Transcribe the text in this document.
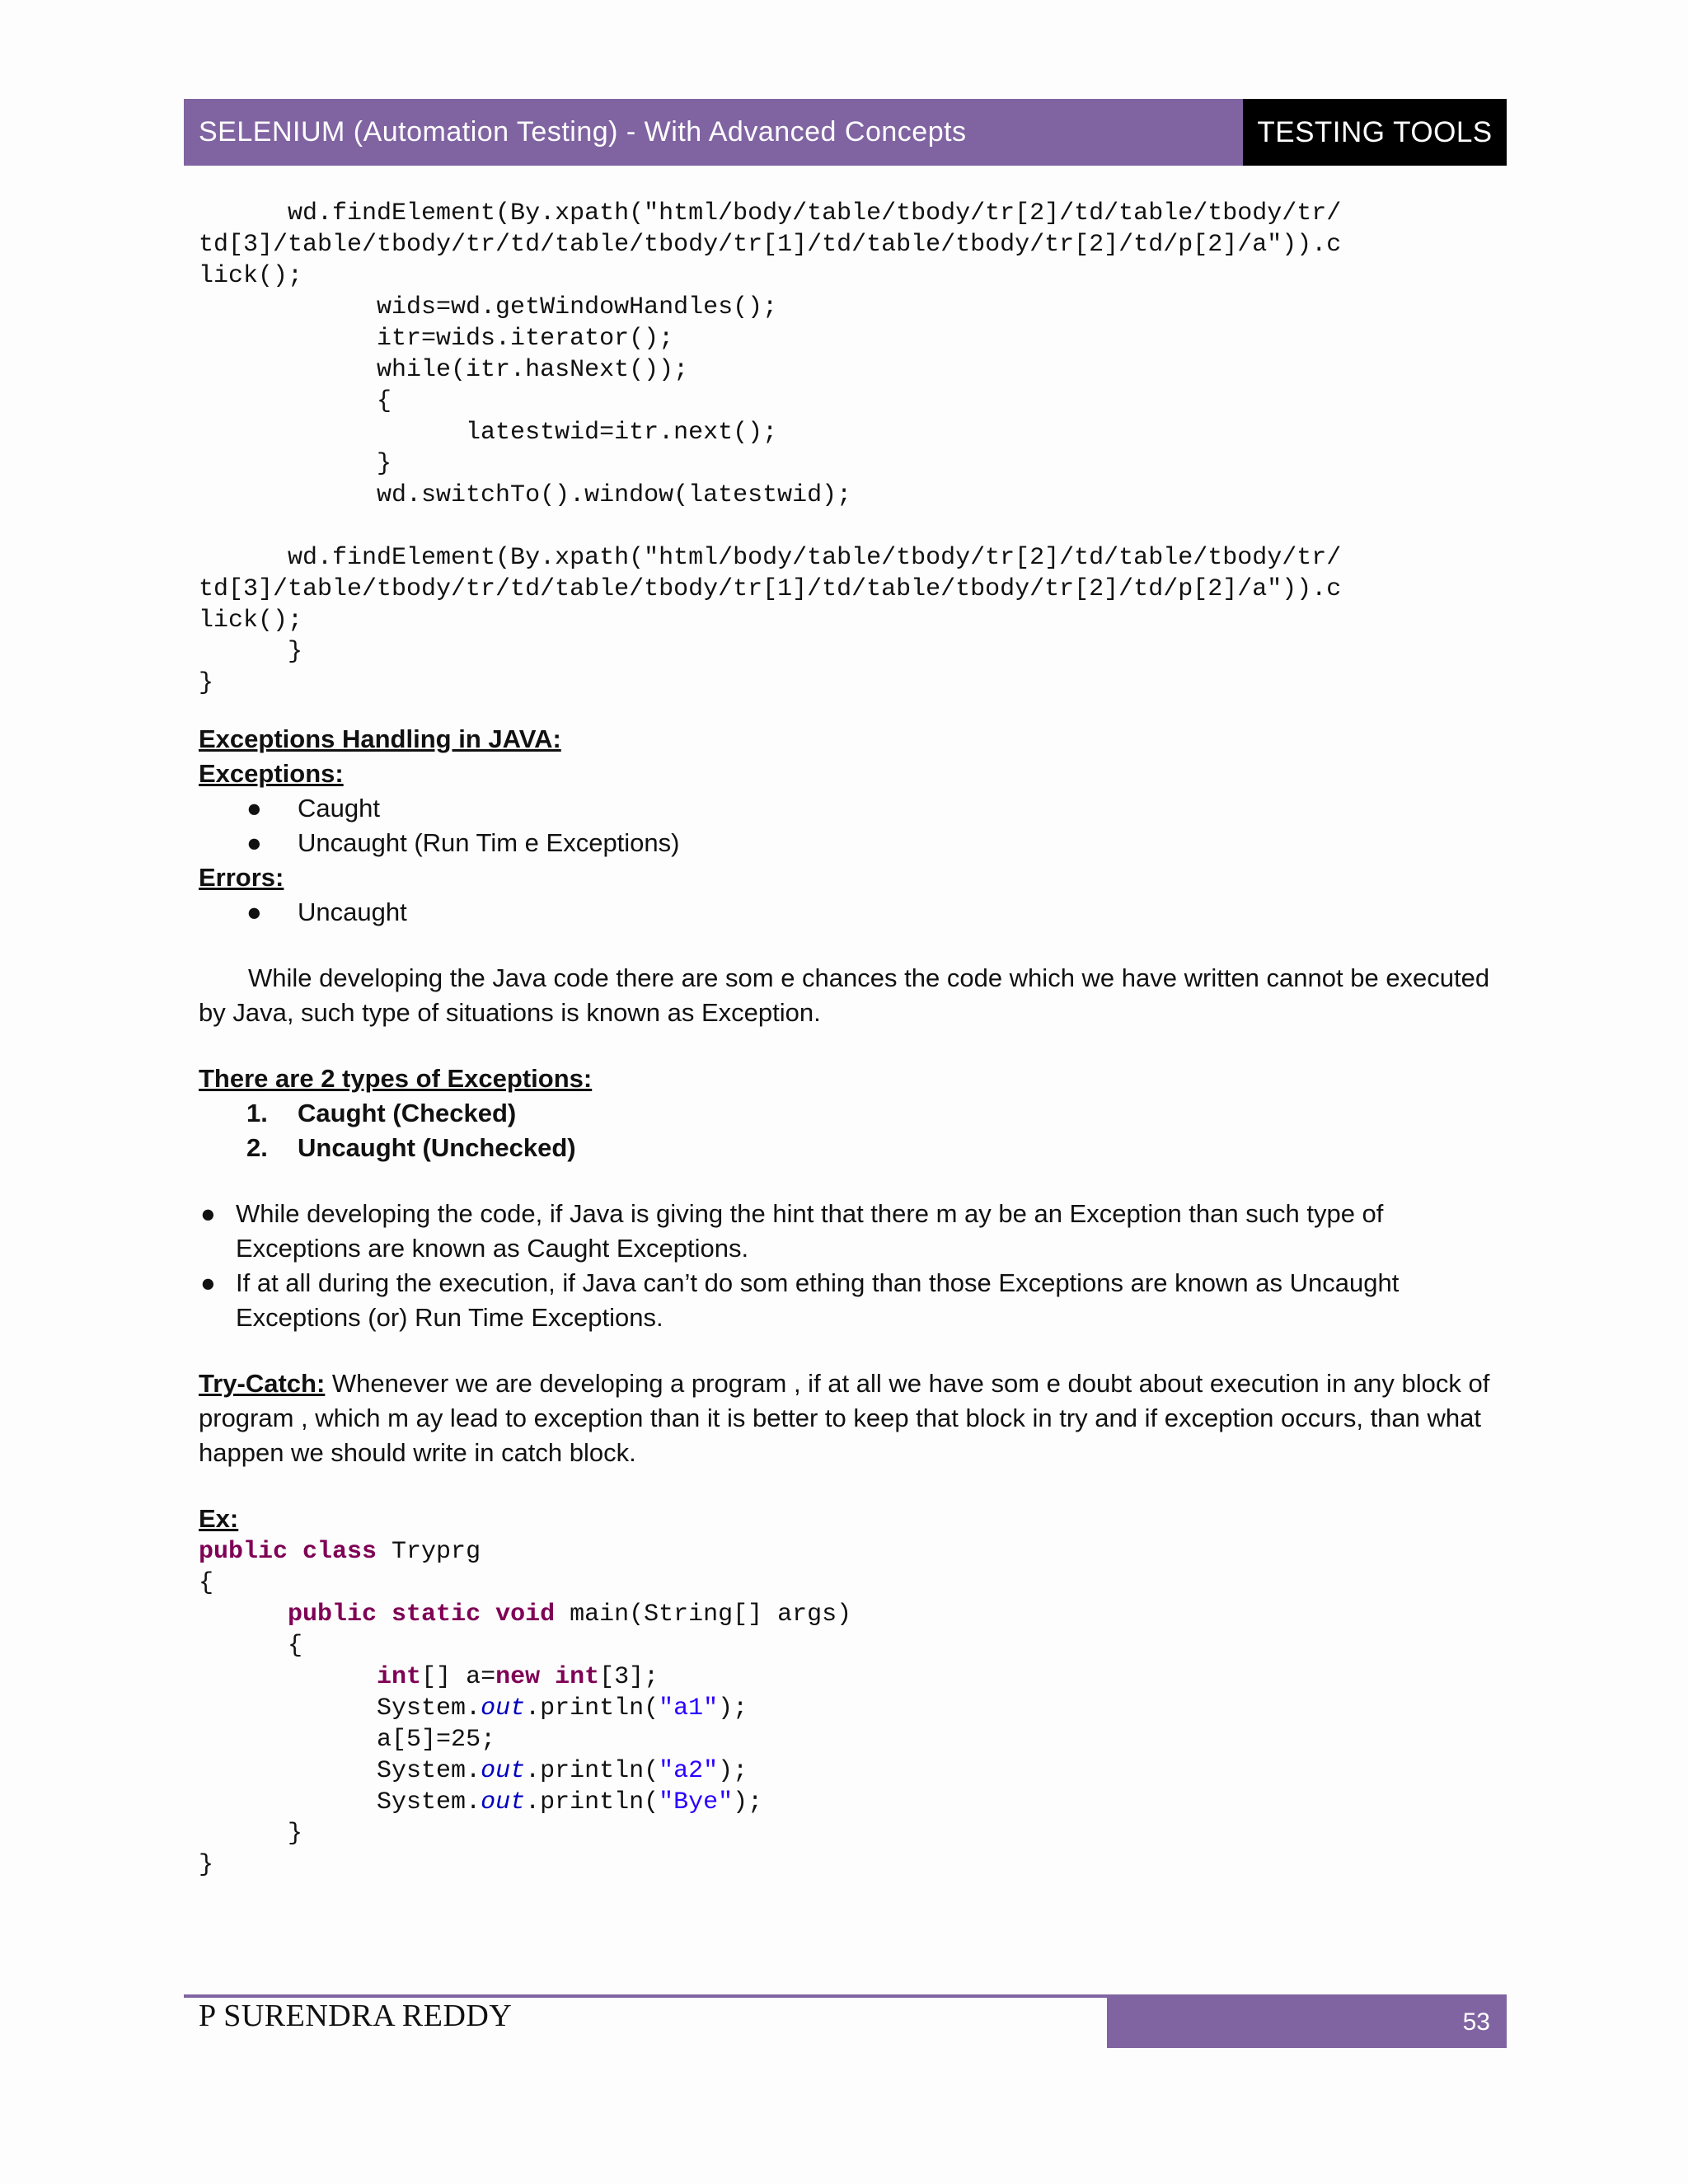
SELENIUM (Automation Testing) - With Advanced Concepts	TESTING TOOLS
wd.findElement(By.xpath("html/body/table/tbody/tr[2]/td/table/tbody/tr/
td[3]/table/tbody/tr/td/table/tbody/tr[1]/td/table/tbody/tr[2]/td/p[2]/a")).c
lick();
wids=wd.getWindowHandles();
itr=wids.iterator();
while(itr.hasNext());
{
latestwid=itr.next();
}
wd.switchTo().window(latestwid);

wd.findElement(By.xpath("html/body/table/tbody/tr[2]/td/table/tbody/tr/
td[3]/table/tbody/tr/td/table/tbody/tr[1]/td/table/tbody/tr[2]/td/p[2]/a")).c
lick();
}
}
Exceptions Handling in JAVA:
Exceptions:
● Caught
● Uncaught (Run Tim e Exceptions)
Errors:
● Uncaught
While developing the Java code there are som e chances the code which we have written cannot be executed by Java, such type of situations is known as Exception.
There are 2 types of Exceptions:
1. Caught (Checked)
2. Uncaught (Unchecked)
● While developing the code, if Java is giving the hint that there m ay be an Exception than such type of Exceptions are known as Caught Exceptions.
● If at all during the execution, if Java can’t do som ething than those Exceptions are known as Uncaught Exceptions (or) Run Time Exceptions.
Try-Catch: Whenever we are developing a program , if at all we have som e doubt about execution in any block of program , which m ay lead to exception than it is better to keep that block in try and if exception occurs, than what happen we should write in catch block.
Ex:
public class Tryprg
{
public static void main(String[] args)
{
int[] a=new int[3];
System.out.println("a1");
a[5]=25;
System.out.println("a2");
System.out.println("Bye");
}
}
P SURENDRA REDDY	53
